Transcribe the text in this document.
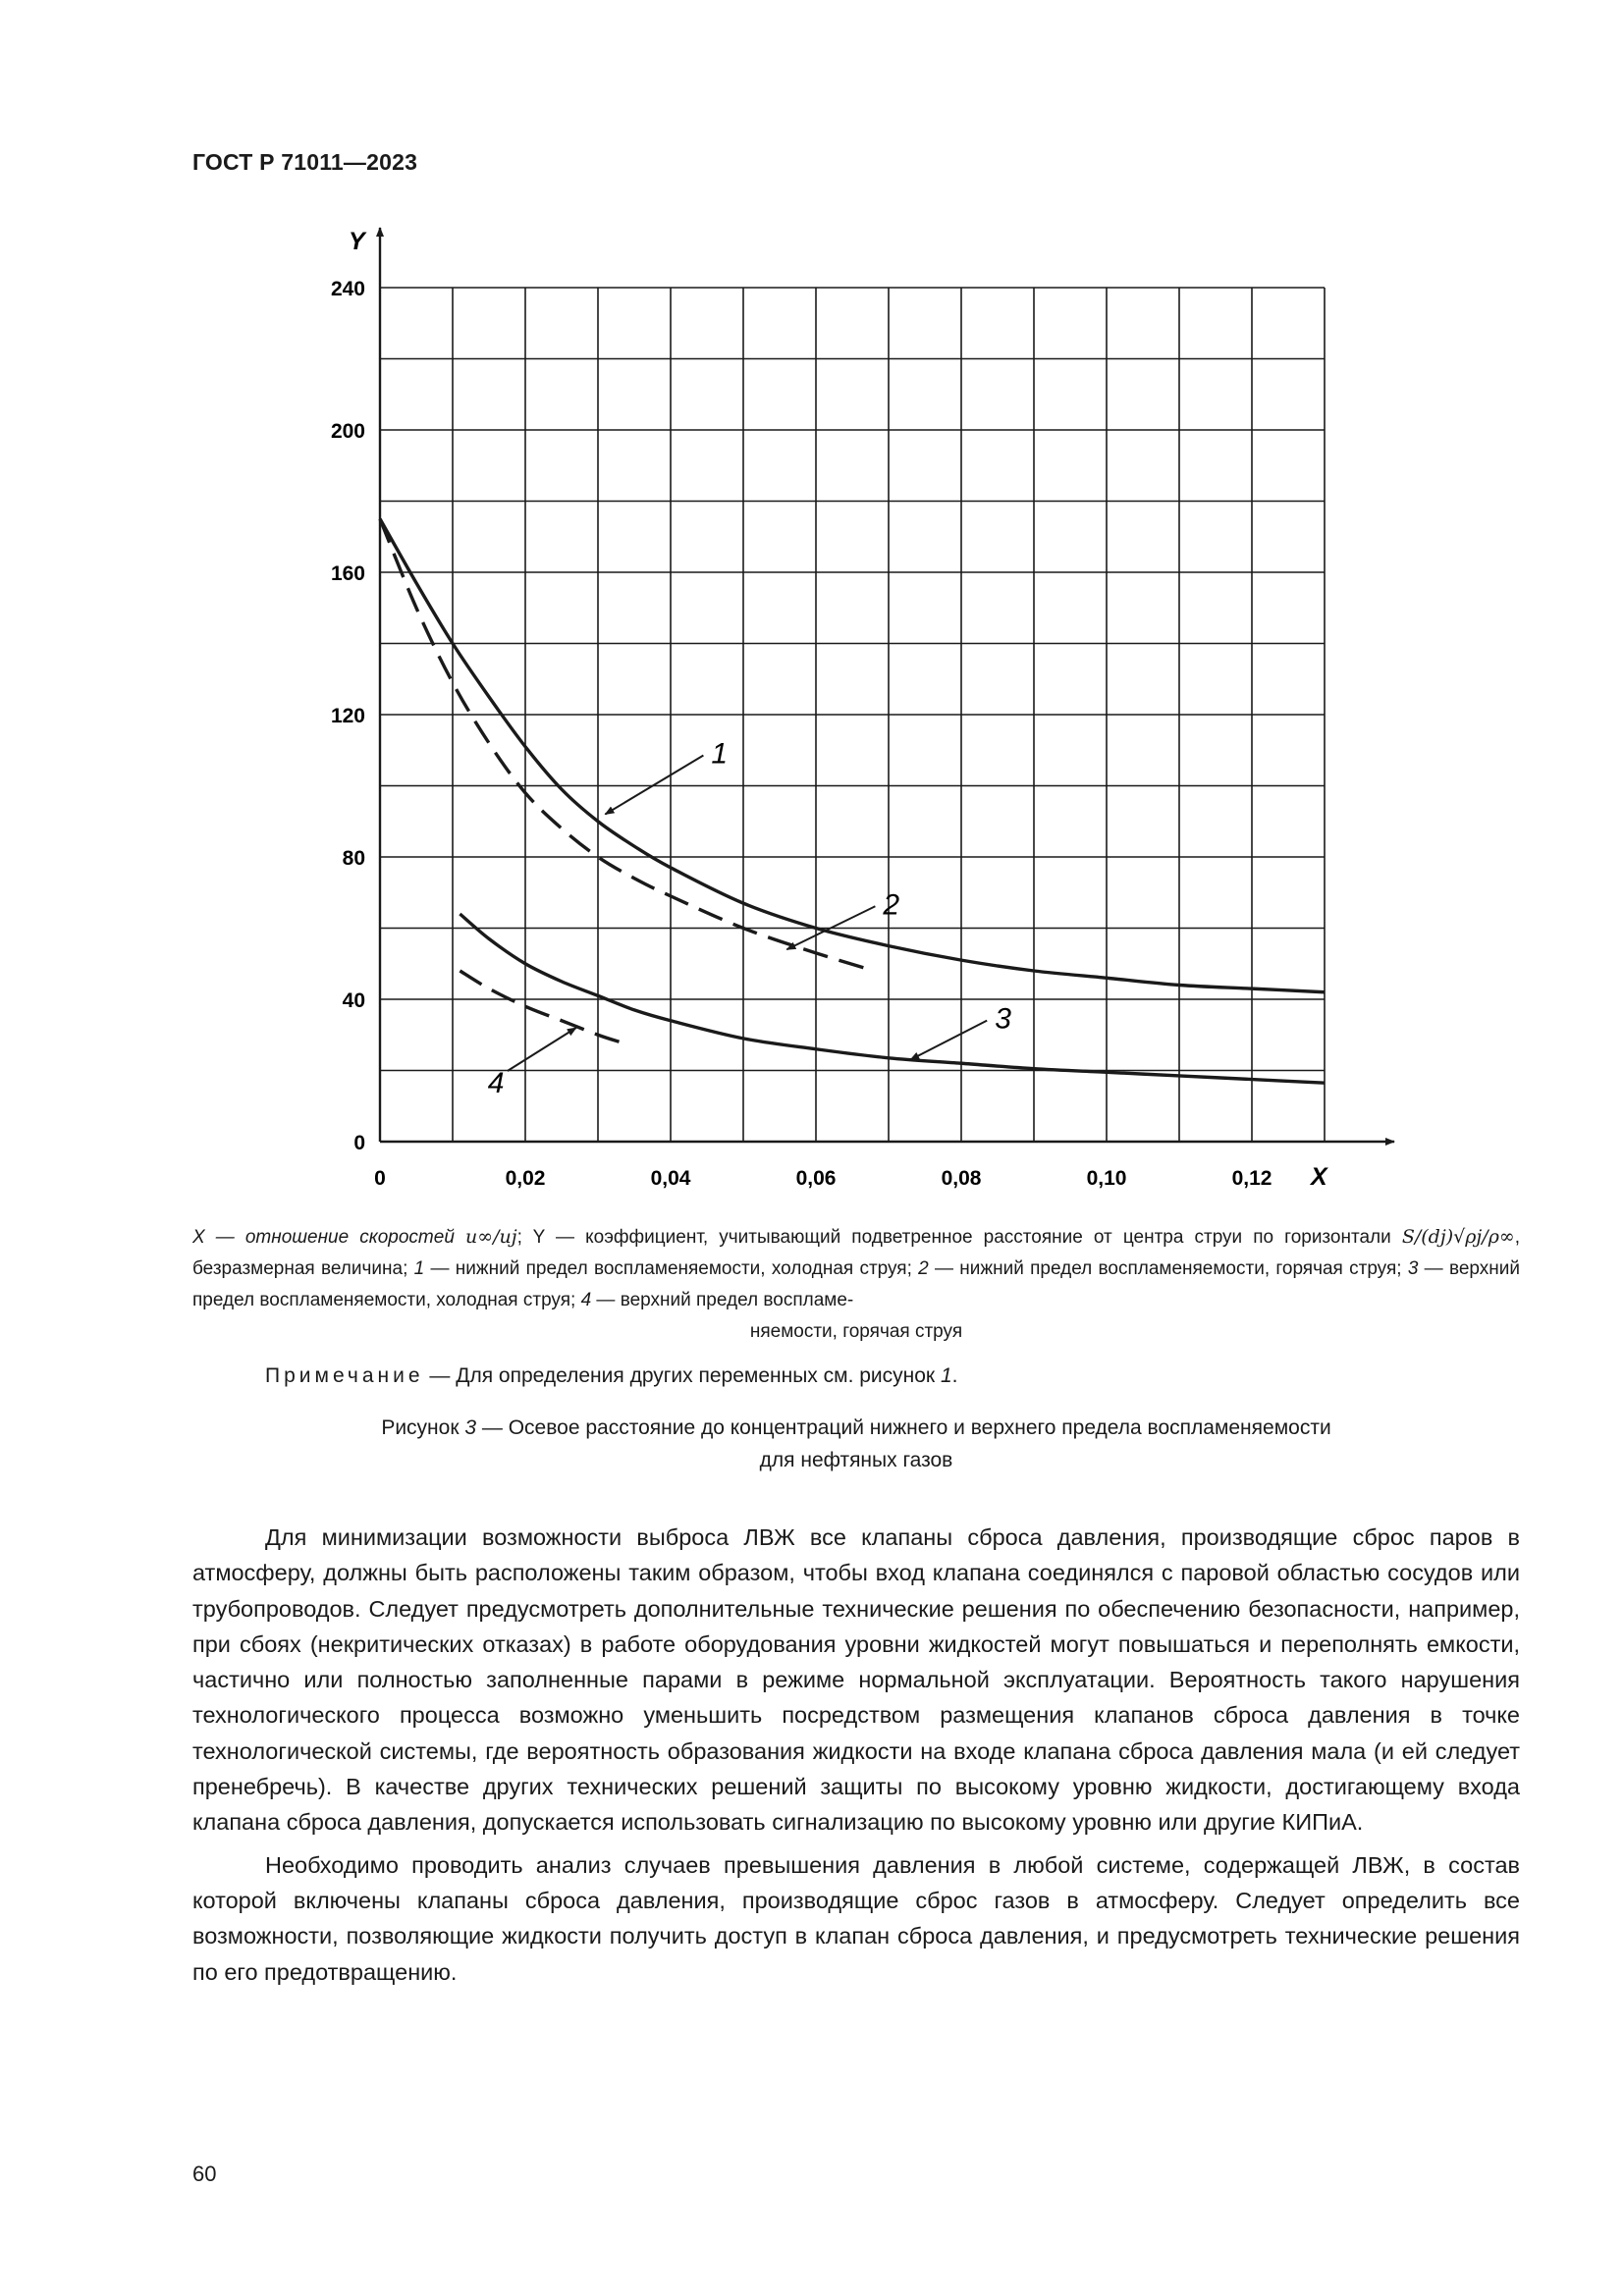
ГОСТ Р 71011—2023
Y
X
0
40
80
120
160
200
240
0	0,02	0,04	0,06	0,08	0,10	0,12
1
2
3
4
X — отношение скоростей u∞/uj; Y — коэффициент, учитывающий подветренное расстояние от центра струи по горизонтали S/(dj)√ρj/ρ∞, безразмерная величина; 1 — нижний предел воспламеняемости, холодная струя; 2 — нижний предел воспламеняемости, горячая струя; 3 — верхний предел воспламеняемости, холодная струя; 4 — верхний предел воспламе-
няемости, горячая струя
Примечание — Для определения других переменных см. рисунок 1.
Рисунок 3 — Осевое расстояние до концентраций нижнего и верхнего предела воспламеняемости
для нефтяных газов

Для минимизации возможности выброса ЛВЖ все клапаны сброса давления, производящие сброс паров в атмосферу, должны быть расположены таким образом, чтобы вход клапана соединялся с паровой областью сосудов или трубопроводов. Следует предусмотреть дополнительные технические решения по обеспечению безопасности, например, при сбоях (некритических отказах) в работе оборудования уровни жидкостей могут повышаться и переполнять емкости, частично или полностью заполненные парами в режиме нормальной эксплуатации. Вероятность такого нарушения технологического процесса возможно уменьшить посредством размещения клапанов сброса давления в точке технологической системы, где вероятность образования жидкости на входе клапана сброса давления мала (и ей следует пренебречь). В качестве других технических решений защиты по высокому уровню жидкости, достигающему входа клапана сброса давления, допускается использовать сигнализацию по высокому уровню или другие КИПиА.

Необходимо проводить анализ случаев превышения давления в любой системе, содержащей ЛВЖ, в состав которой включены клапаны сброса давления, производящие сброс газов в атмосферу. Следует определить все возможности, позволяющие жидкости получить доступ в клапан сброса давления, и предусмотреть технические решения по его предотвращению.

60
